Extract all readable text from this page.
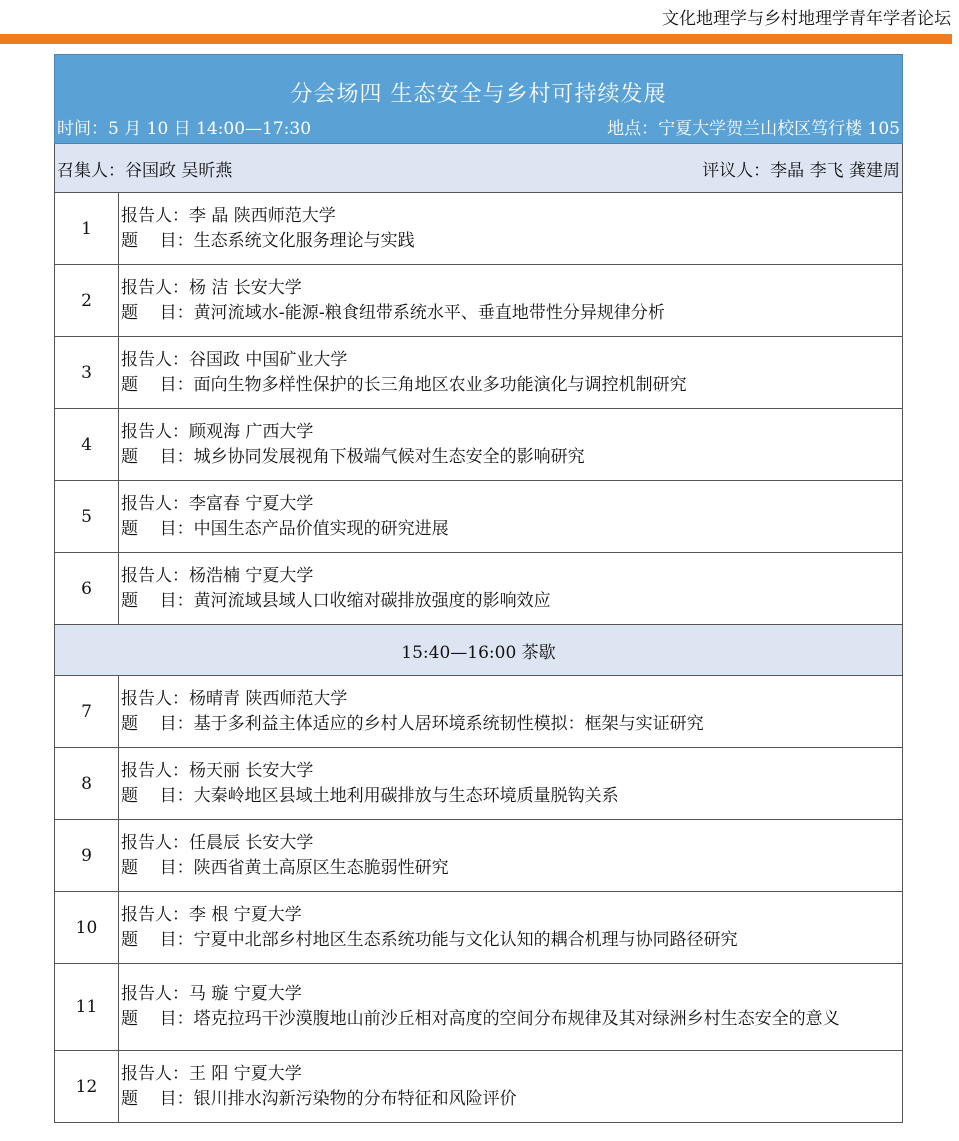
文化地理学与乡村地理学青年学者论坛
分会场四 生态安全与乡村可持续发展
时间：5 月 10 日 14:00—17:30 地点：宁夏大学贺兰山校区笃行楼 105	

召集人：谷国政 吴昕燕 评议人：李晶 李飞 龚建周	

1	报告人： 李 晶 陕西师范大学
题    目： 生态系统文化服务理论与实践

2	报告人： 杨 洁 长安大学
题    目： 黄河流域水-能源-粮食纽带系统水平、垂直地带性分异规律分析

3	报告人： 谷国政 中国矿业大学
题    目： 面向生物多样性保护的长三角地区农业多功能演化与调控机制研究

4	报告人： 顾观海 广西大学
题    目： 城乡协同发展视角下极端气候对生态安全的影响研究

5	报告人： 李富春 宁夏大学
题    目： 中国生态产品价值实现的研究进展

6	报告人： 杨浩楠 宁夏大学
题    目： 黄河流域县域人口收缩对碳排放强度的影响效应

15:40—16:00 茶歇	
7	报告人： 杨晴青 陕西师范大学
题    目： 基于多利益主体适应的乡村人居环境系统韧性模拟：框架与实证研究

8	报告人： 杨天丽 长安大学
题    目： 大秦岭地区县域土地利用碳排放与生态环境质量脱钩关系

9	报告人： 任晨辰 长安大学
题    目： 陕西省黄土高原区生态脆弱性研究

10	报告人： 李 根 宁夏大学
题    目： 宁夏中北部乡村地区生态系统功能与文化认知的耦合机理与协同路径研究

11	报告人： 马 璇 宁夏大学
题    目： 塔克拉玛干沙漠腹地山前沙丘相对高度的空间分布规律及其对绿洲乡村生态安全的意义

12	报告人： 王 阳 宁夏大学
题    目： 银川排水沟新污染物的分布特征和风险评价
